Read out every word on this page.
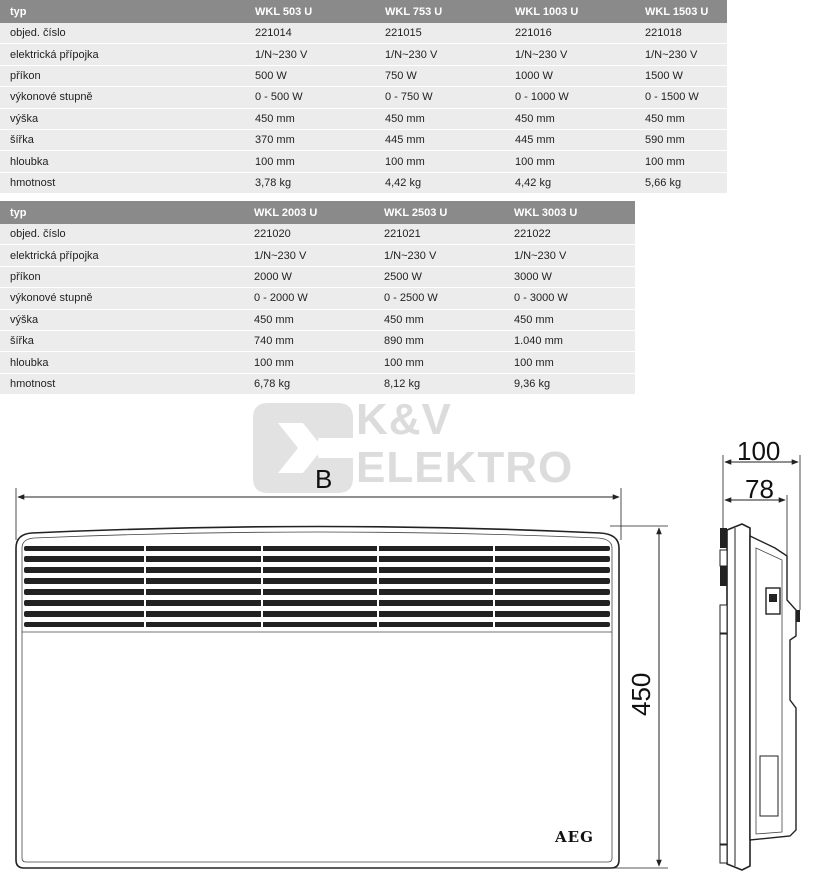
typ	WKL 503 U	WKL 753 U	WKL 1003 U	WKL 1503 U
objed. číslo	221014	221015	221016	221018
elektrická přípojka	1/N~230 V	1/N~230 V	1/N~230 V	1/N~230 V
příkon	500 W	750 W	1000 W	1500 W
výkonové stupně	0 - 500 W	0 - 750 W	0 - 1000 W	0 - 1500 W
výška	450 mm	450 mm	450 mm	450 mm
šířka	370 mm	445 mm	445 mm	590 mm
hloubka	100 mm	100 mm	100 mm	100 mm
hmotnost	3,78 kg	4,42 kg	4,42 kg	5,66 kg
typ	WKL 2003 U	WKL 2503 U	WKL 3003 U
objed. číslo	221020	221021	221022
elektrická přípojka	1/N~230 V	1/N~230 V	1/N~230 V
příkon	2000 W	2500 W	3000 W
výkonové stupně	0 - 2000 W	0 - 2500 W	0 - 3000 W
výška	450 mm	450 mm	450 mm
šířka	740 mm	890 mm	1.040 mm
hloubka	100 mm	100 mm	100 mm
hmotnost	6,78 kg	8,12 kg	9,36 kg
K&V
ELEKTRO
B
100
78
450
AEG
